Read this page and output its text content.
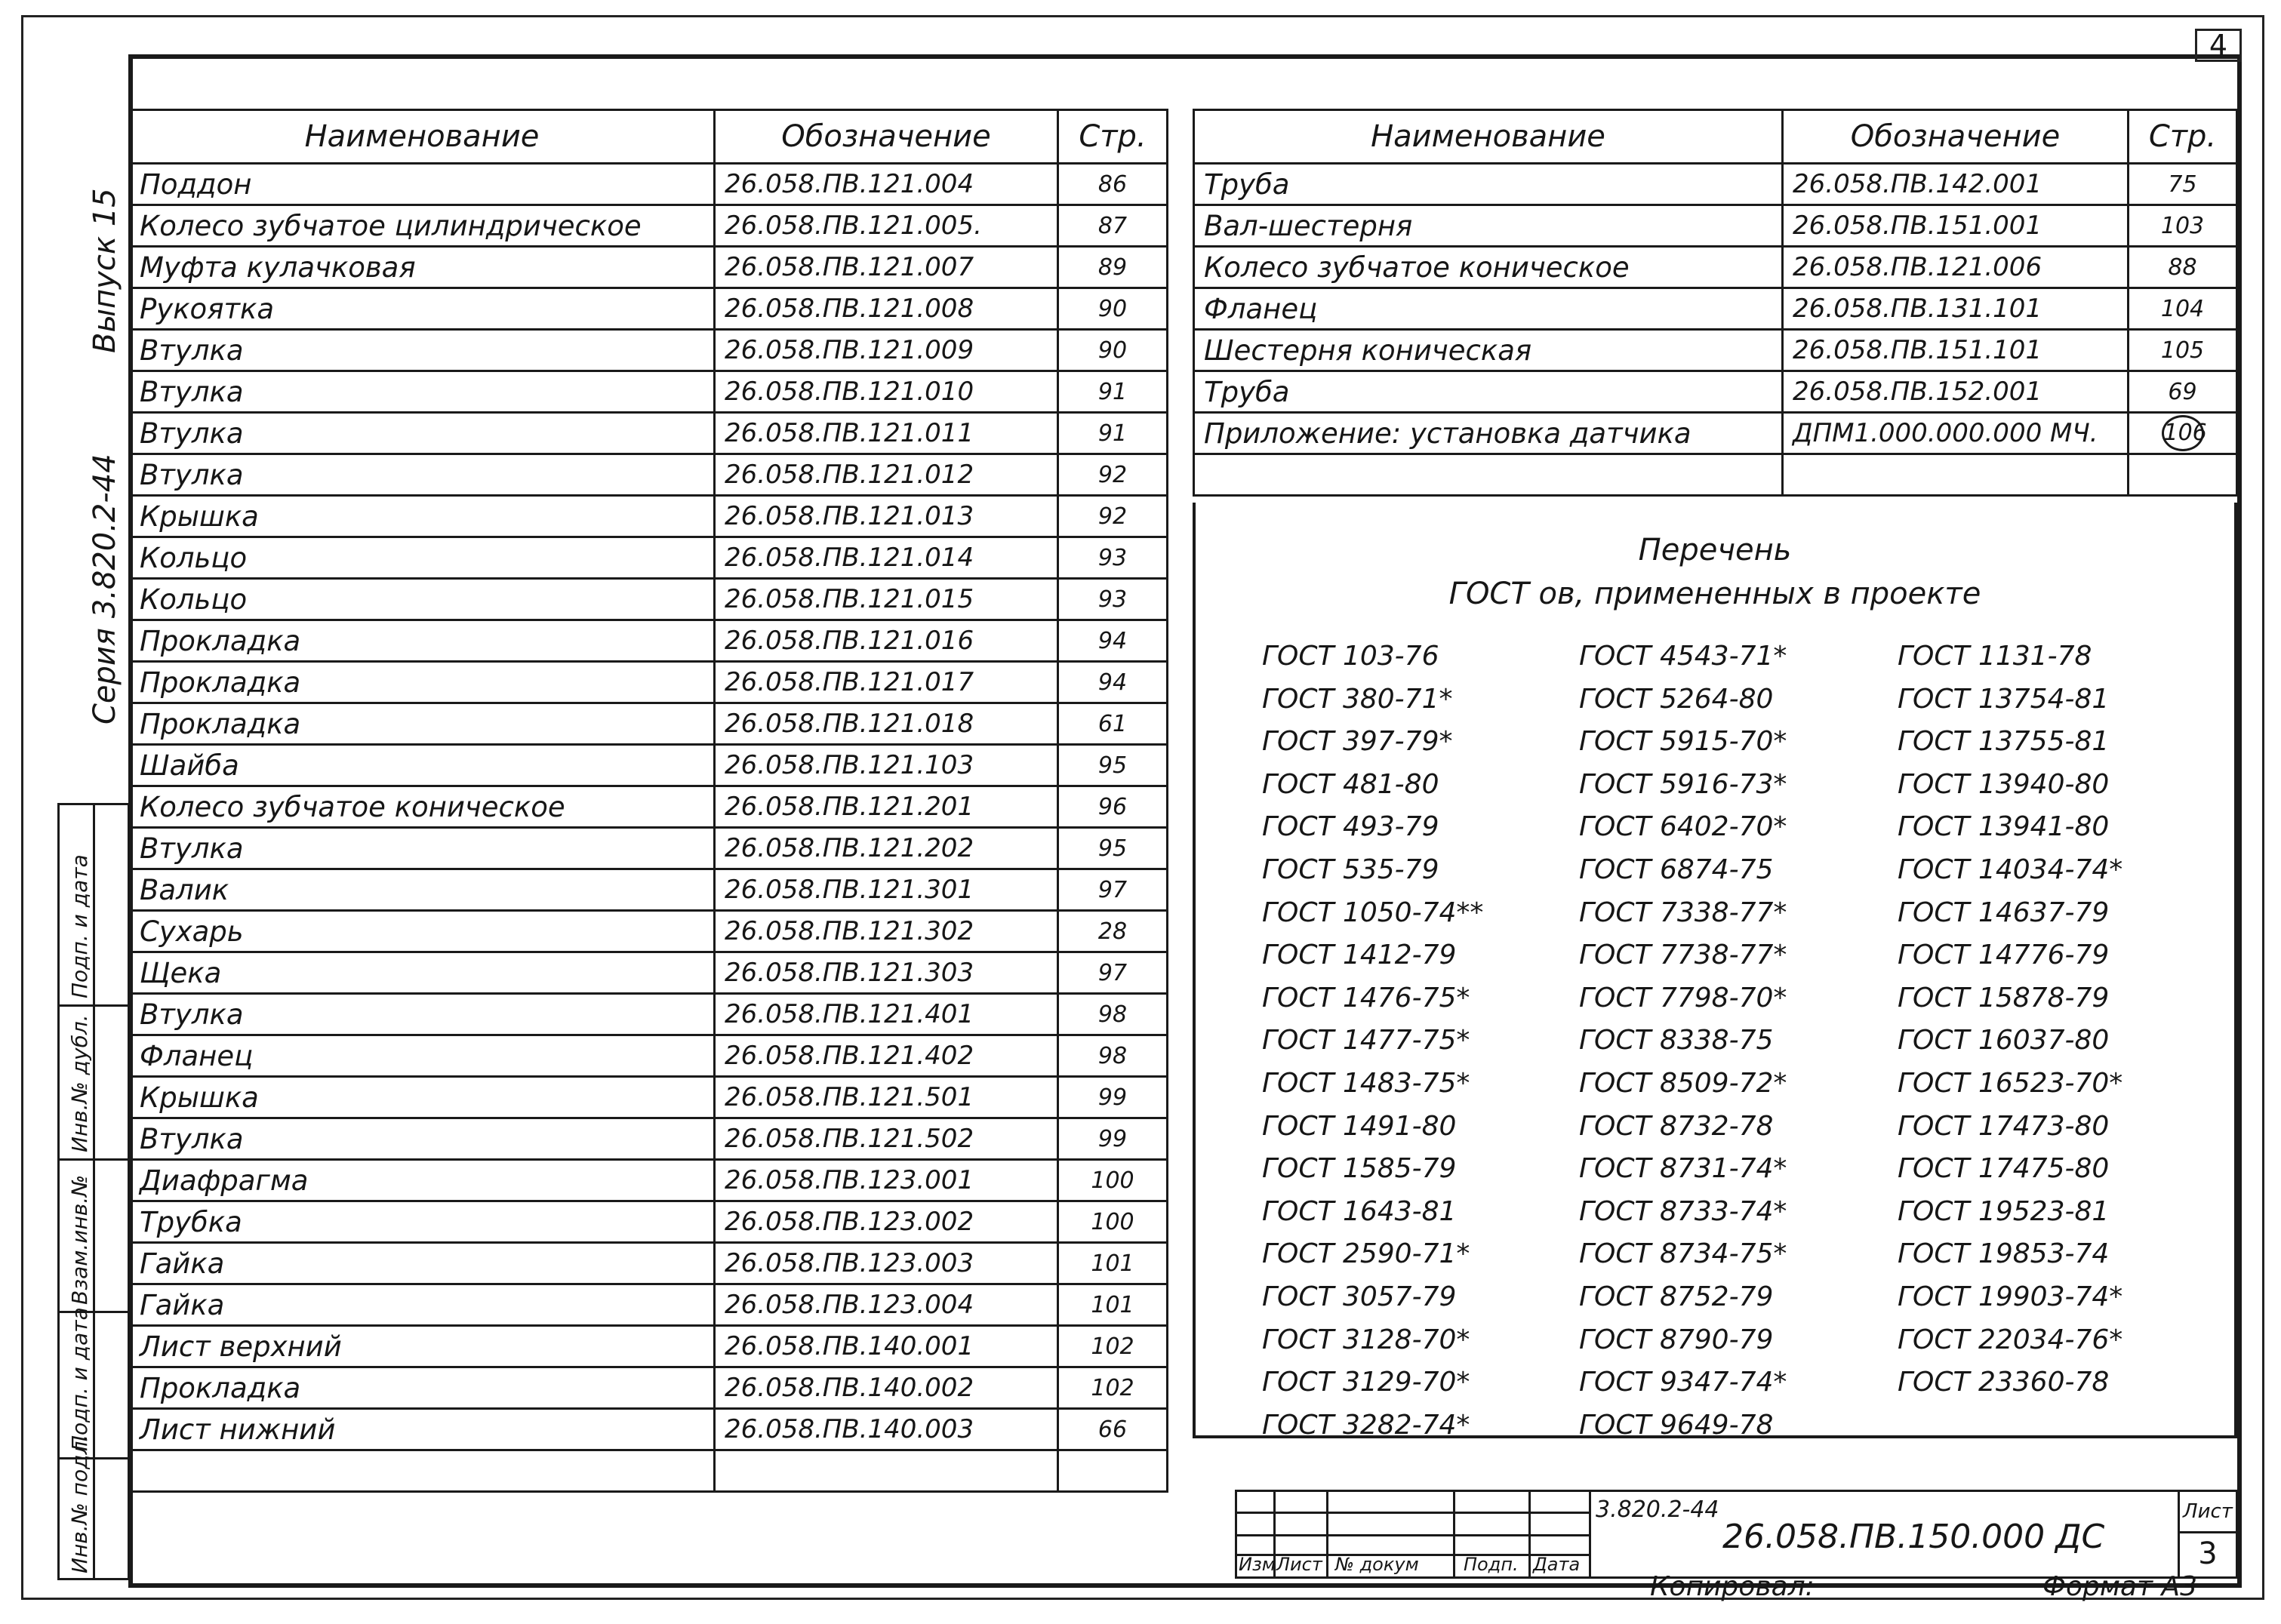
4
Выпуск 15
Серия 3.820.2-44
Подп. и дата
Инв.№ дубл.
Взам.инв.№
Подп. и дата
Инв.№ подл.
Наименование	Обозначение	Стр.
Поддон	26.058.ПВ.121.004	86
Колесо зубчатое цилиндрическое	26.058.ПВ.121.005.	87
Муфта кулачковая	26.058.ПВ.121.007	89
Рукоятка	26.058.ПВ.121.008	90
Втулка	26.058.ПВ.121.009	90
Втулка	26.058.ПВ.121.010	91
Втулка	26.058.ПВ.121.011	91
Втулка	26.058.ПВ.121.012	92
Крышка	26.058.ПВ.121.013	92
Кольцо	26.058.ПВ.121.014	93
Кольцо	26.058.ПВ.121.015	93
Прокладка	26.058.ПВ.121.016	94
Прокладка	26.058.ПВ.121.017	94
Прокладка	26.058.ПВ.121.018	61
Шайба	26.058.ПВ.121.103	95
Колесо зубчатое коническое	26.058.ПВ.121.201	96
Втулка	26.058.ПВ.121.202	95
Валик	26.058.ПВ.121.301	97
Сухарь	26.058.ПВ.121.302	28
Щека	26.058.ПВ.121.303	97
Втулка	26.058.ПВ.121.401	98
Фланец	26.058.ПВ.121.402	98
Крышка	26.058.ПВ.121.501	99
Втулка	26.058.ПВ.121.502	99
Диафрагма	26.058.ПВ.123.001	100
Трубка	26.058.ПВ.123.002	100
Гайка	26.058.ПВ.123.003	101
Гайка	26.058.ПВ.123.004	101
Лист верхний	26.058.ПВ.140.001	102
Прокладка	26.058.ПВ.140.002	102
Лист нижний	26.058.ПВ.140.003	66

Наименование	Обозначение	Стр.
Труба	26.058.ПВ.142.001	75
Вал-шестерня	26.058.ПВ.151.001	103
Колесо зубчатое коническое	26.058.ПВ.121.006	88
Фланец	26.058.ПВ.131.101	104
Шестерня коническая	26.058.ПВ.151.101	105
Труба	26.058.ПВ.152.001	69
Приложение: установка датчика	ДПМ1.000.000.000 МЧ.	106

Перечень
ГОСТ ов, примененных в проекте
ГОСТ 103-76
ГОСТ 380-71*
ГОСТ 397-79*
ГОСТ 481-80
ГОСТ 493-79
ГОСТ 535-79
ГОСТ 1050-74**
ГОСТ 1412-79
ГОСТ 1476-75*
ГОСТ 1477-75*
ГОСТ 1483-75*
ГОСТ 1491-80
ГОСТ 1585-79
ГОСТ 1643-81
ГОСТ 2590-71*
ГОСТ 3057-79
ГОСТ 3128-70*
ГОСТ 3129-70*
ГОСТ 3282-74*
ГОСТ 4543-71*
ГОСТ 5264-80
ГОСТ 5915-70*
ГОСТ 5916-73*
ГОСТ 6402-70*
ГОСТ 6874-75
ГОСТ 7338-77*
ГОСТ 7738-77*
ГОСТ 7798-70*
ГОСТ 8338-75
ГОСТ 8509-72*
ГОСТ 8732-78
ГОСТ 8731-74*
ГОСТ 8733-74*
ГОСТ 8734-75*
ГОСТ 8752-79
ГОСТ 8790-79
ГОСТ 9347-74*
ГОСТ 9649-78
ГОСТ 1131-78
ГОСТ 13754-81
ГОСТ 13755-81
ГОСТ 13940-80
ГОСТ 13941-80
ГОСТ 14034-74*
ГОСТ 14637-79
ГОСТ 14776-79
ГОСТ 15878-79
ГОСТ 16037-80
ГОСТ 16523-70*
ГОСТ 17473-80
ГОСТ 17475-80
ГОСТ 19523-81
ГОСТ 19853-74
ГОСТ 19903-74*
ГОСТ 22034-76*
ГОСТ 23360-78
Изм Лист № докум Подп. Дата
3.820.2-44
26.058.ПВ.150.000 ДС
Лист
3
Копировал:	Формат А3
